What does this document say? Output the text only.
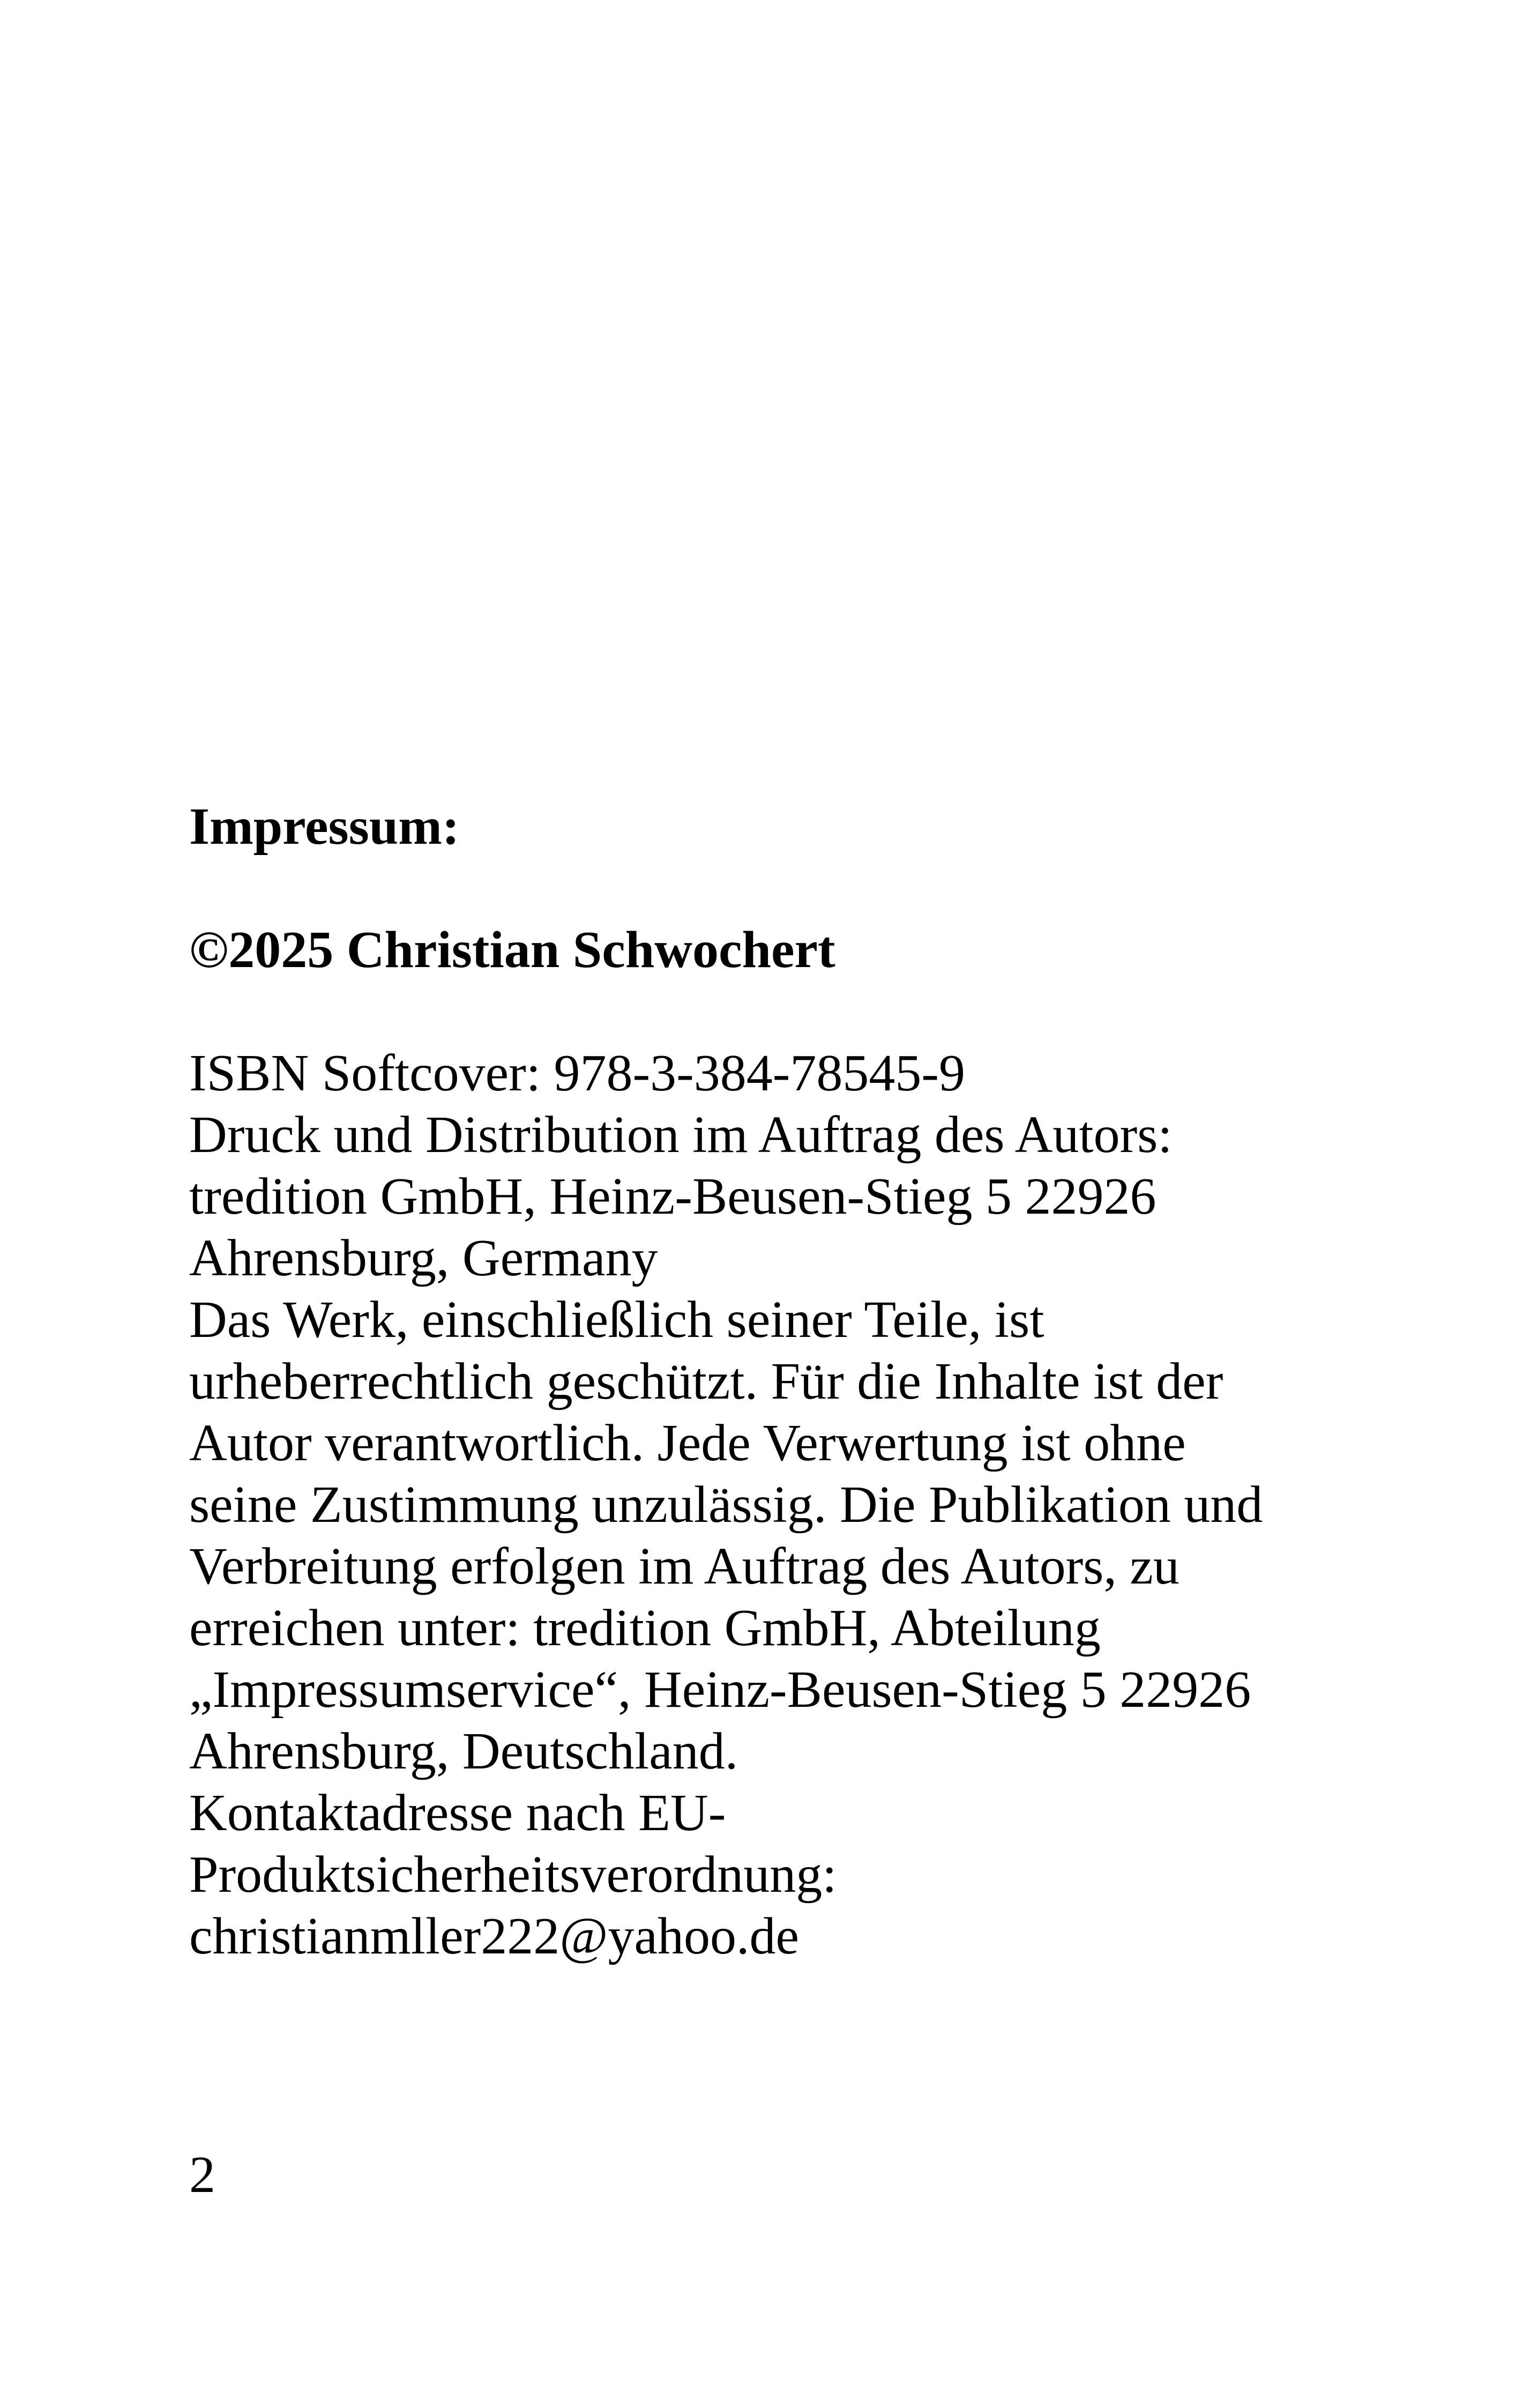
Impressum:

©2025 Christian Schwochert

ISBN Softcover: 978-3-384-78545-9
Druck und Distribution im Auftrag des Autors:
tredition GmbH, Heinz-Beusen-Stieg 5 22926
Ahrensburg, Germany
Das Werk, einschließlich seiner Teile, ist
urheberrechtlich geschützt. Für die Inhalte ist der
Autor verantwortlich. Jede Verwertung ist ohne
seine Zustimmung unzulässig. Die Publikation und
Verbreitung erfolgen im Auftrag des Autors, zu
erreichen unter: tredition GmbH, Abteilung
„Impressumservice“, Heinz-Beusen-Stieg 5 22926
Ahrensburg, Deutschland.
Kontaktadresse nach EU-
Produktsicherheitsverordnung:
christianmller222@yahoo.de
2
